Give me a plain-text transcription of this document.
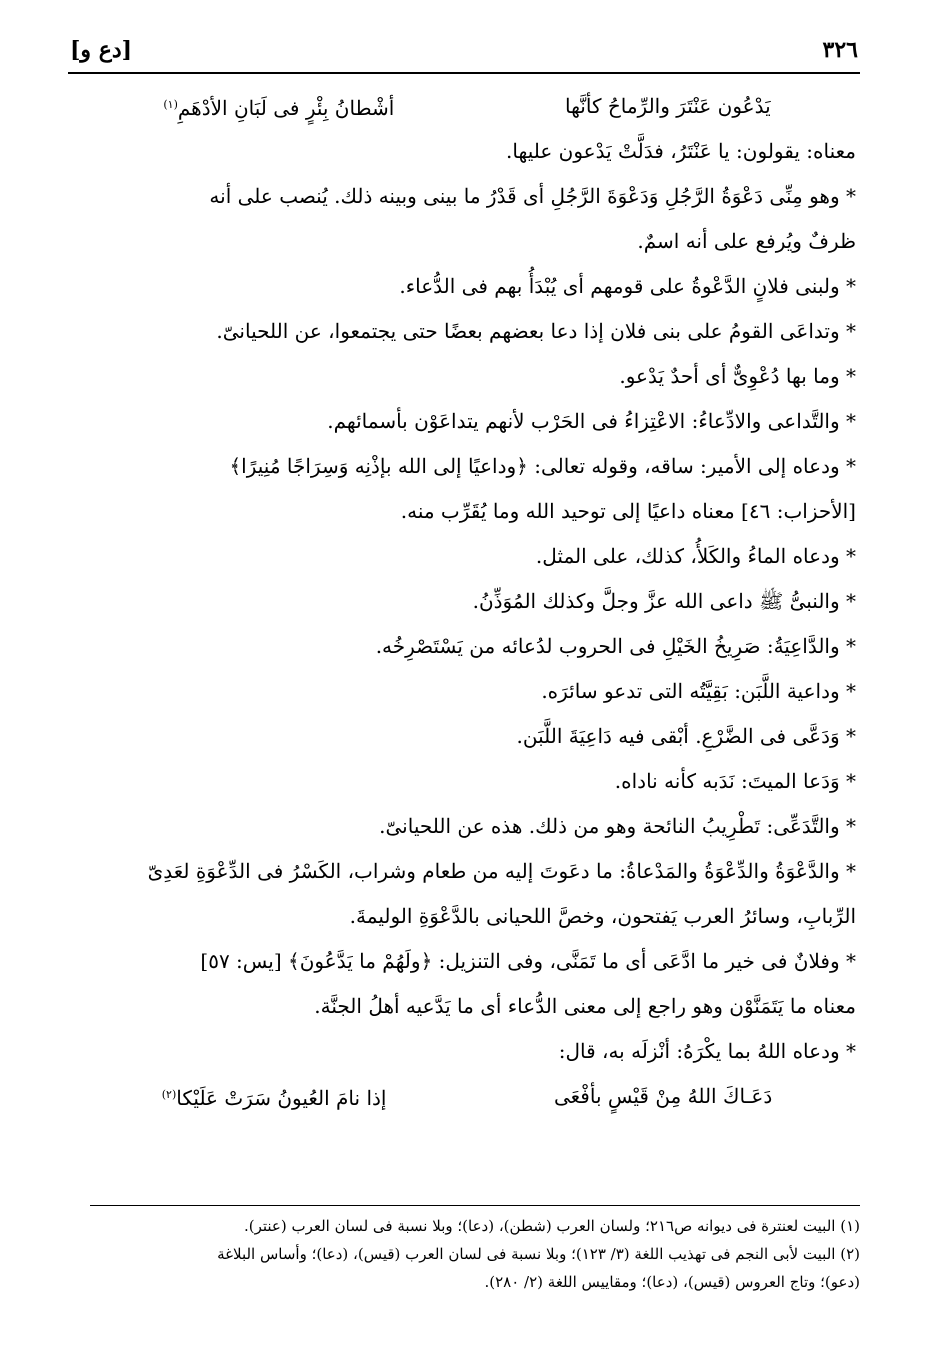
٣٢٦
[دع و]
يَدْعُون عَنْتَرَ والرِّماحُ كأنَّها
أشْطانُ بِئْرٍ فى لَبَانِ الأدْهَمِ$^{(١)}$
معناه: يقولون: يا عَنْتَرُ، فدَلَّتْ يَدْعون عليها.
* وهو مِنِّى دَعْوَةُ الرَّجُلِ وَدَعْوَةَ الرَّجُلِ أى قَدْرُ ما بينى وبينه ذلك. يُنصب على أنه
ظرفٌ ويُرفع على أنه اسمٌ.
* ولبنى فلانٍ الدَّعْوةُ على قومهم أى يُبْدَأُ بهم فى الدُّعاء.
* وتداعَى القومُ على بنى فلان إذا دعا بعضهم بعضًا حتى يجتمعوا، عن اللحيانىّ.
* وما بها دُعْوِىٌّ أى أحدٌ يَدْعو.
* والتَّداعى والادِّعاءُ: الاعْتِزاءُ فى الحَرْب لأنهم يتداعَوْن بأسمائهم.
* ودعاه إلى الأمير: ساقه، وقوله تعالى: ﴿وداعيًا إلى الله بإذْنِه وَسِرَاجًا مُنِيرًا﴾
[الأحزاب: ٤٦] معناه داعيًا إلى توحيد الله وما يُقَرِّب منه.
* ودعاه الماءُ والكَلأُ، كذلك، على المثل.
* والنبىُّ ﷺ داعى الله عزَّ وجلَّ وكذلك المُوَذِّنُ.
* والدَّاعِيَةُ: صَرِيخُ الخَيْلِ فى الحروب لدُعائه من يَسْتَصْرِخُه.
* وداعية اللَّبَن: بَقِيَّتُه التى تدعو سائرَه.
* وَدَعَّى فى الضَّرْعِ. أبْقى فيه دَاعِيَةَ اللَّبَن.
* وَدَعا الميتَ: نَدَبه كأنه ناداه.
* والتَّدَعِّى: تَطْرِيبُ النائحة وهو من ذلك. هذه عن اللحيانىّ.
* والدَّعْوَةُ والدِّعْوَةُ والمَدْعاةُ: ما دعَوتَ إليه من طعام وشراب، الكَسْرُ فى الدِّعْوَةِ لعَدِىّ
الرِّبابِ، وسائرُ العرب يَفتحون، وخصَّ اللحيانى بالدَّعْوَةِ الوليمةَ.
* وفلانٌ فى خير ما ادَّعَى أى ما تَمَنَّى، وفى التنزيل: ﴿ولَهُمْ ما يَدَّعُونَ﴾ [يس: ٥٧]
معناه ما يَتَمَنَّوْن وهو راجع إلى معنى الدُّعاء أى ما يَدَّعيه أهلُ الجنَّة.
* ودعاه اللهُ بما يكْرَهُ: أنْزلَه به، قال:
دَعَـاكَ اللهُ مِنْ قَيْسٍ بأفْعَى
إذا نامَ العُيونُ سَرَتْ عَلَيْكا$^{(٢)}$
(١) البيت لعنترة فى ديوانه ص٢١٦؛ ولسان العرب (شطن)، (دعا)؛ وبلا نسبة فى لسان العرب (عنتر).
(٢) البيت لأبى النجم فى تهذيب اللغة (٣/ ١٢٣)؛ وبلا نسبة فى لسان العرب (قيس)، (دعا)؛ وأساس البلاغة
(دعو)؛ وتاج العروس (قيس)، (دعا)؛ ومقاييس اللغة (٢/ ٢٨٠).
